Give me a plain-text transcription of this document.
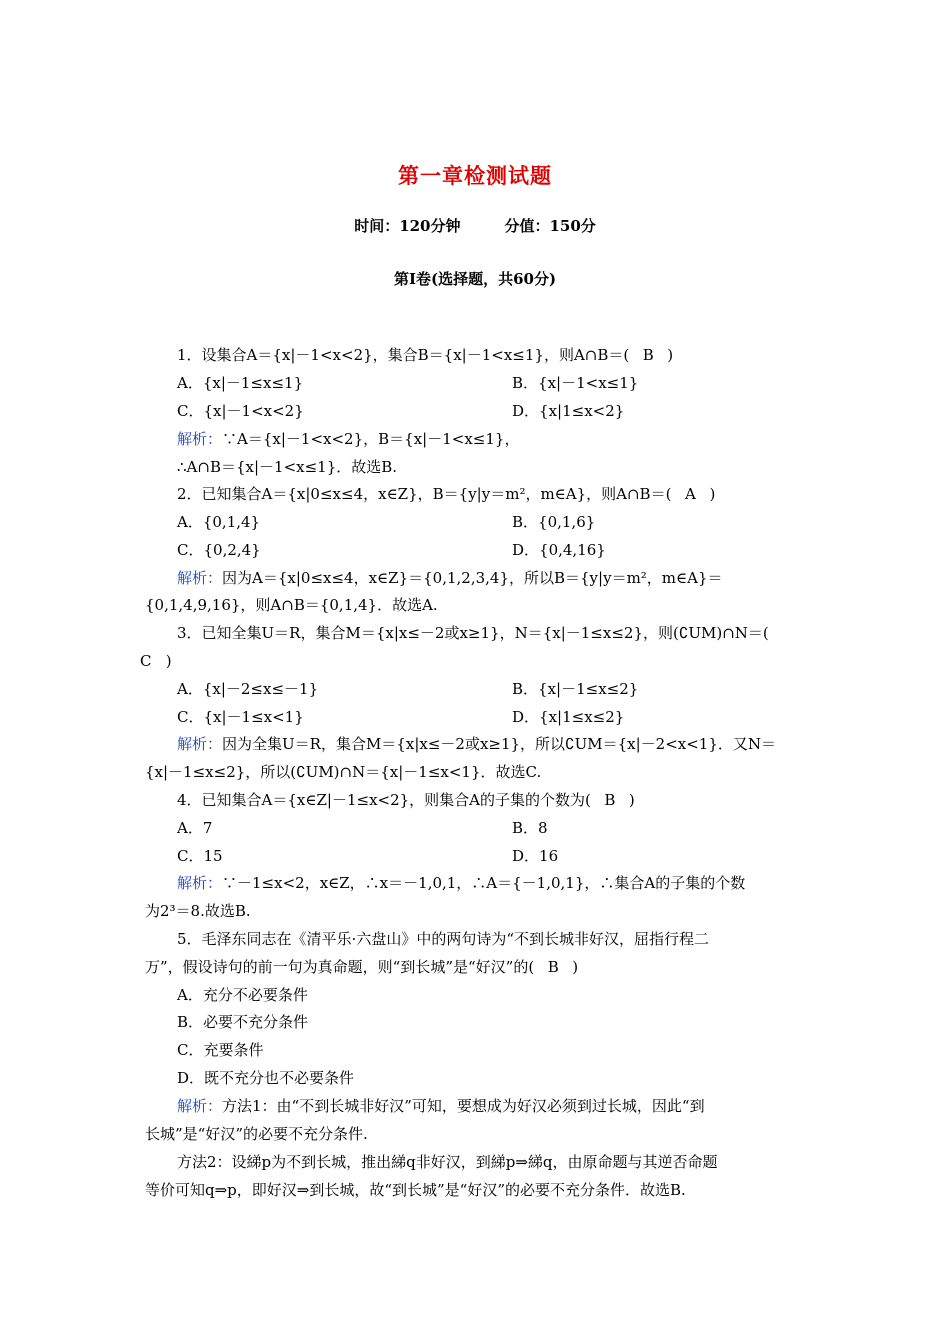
第一章检测试题
时间：120分钟	分值：150分
第Ⅰ卷(选择题，共60分)
1．设集合A＝{x|－1<x<2}，集合B＝{x|－1<x≤1}，则A∩B＝( B )
A．{x|－1≤x≤1}	B．{x|－1<x≤1}
C．{x|－1<x<2}	D．{x|1≤x<2}
解析：∵A＝{x|－1<x<2}，B＝{x|－1<x≤1}，
∴A∩B＝{x|－1<x≤1}．故选B.
2．已知集合A＝{x|0≤x≤4，x∈Z}，B＝{y|y＝m²，m∈A}，则A∩B＝( A )
A．{0,1,4}	B．{0,1,6}
C．{0,2,4}	D．{0,4,16}
解析：因为A＝{x|0≤x≤4，x∈Z}＝{0,1,2,3,4}，所以B＝{y|y＝m²，m∈A}＝
{0,1,4,9,16}，则A∩B＝{0,1,4}．故选A.
3．已知全集U＝R，集合M＝{x|x≤－2或x≥1}，N＝{x|－1≤x≤2}，则(∁UM)∩N＝(
C )
A．{x|－2≤x≤－1}	B．{x|－1≤x≤2}
C．{x|－1≤x<1}	D．{x|1≤x≤2}
解析：因为全集U＝R，集合M＝{x|x≤－2或x≥1}，所以∁UM＝{x|－2<x<1}．又N＝
{x|－1≤x≤2}，所以(∁UM)∩N＝{x|－1≤x<1}．故选C.
4．已知集合A＝{x∈Z|－1≤x<2}，则集合A的子集的个数为( B )
A．7	B．8
C．15	D．16
解析：∵－1≤x<2，x∈Z，∴x＝－1,0,1，∴A＝{－1,0,1}，∴集合A的子集的个数
为2³＝8.故选B.
5．毛泽东同志在《清平乐·六盘山》中的两句诗为“不到长城非好汉，屈指行程二
万”，假设诗句的前一句为真命题，则“到长城”是“好汉”的( B )
A．充分不必要条件
B．必要不充分条件
C．充要条件
D．既不充分也不必要条件
解析：方法1：由“不到长城非好汉”可知，要想成为好汉必须到过长城，因此“到
长城”是“好汉”的必要不充分条件.
方法2：设綈p为不到长城，推出綈q非好汉，到綈p⇒綈q，由原命题与其逆否命题
等价可知q⇒p，即好汉⇒到长城，故“到长城”是“好汉”的必要不充分条件．故选B.
